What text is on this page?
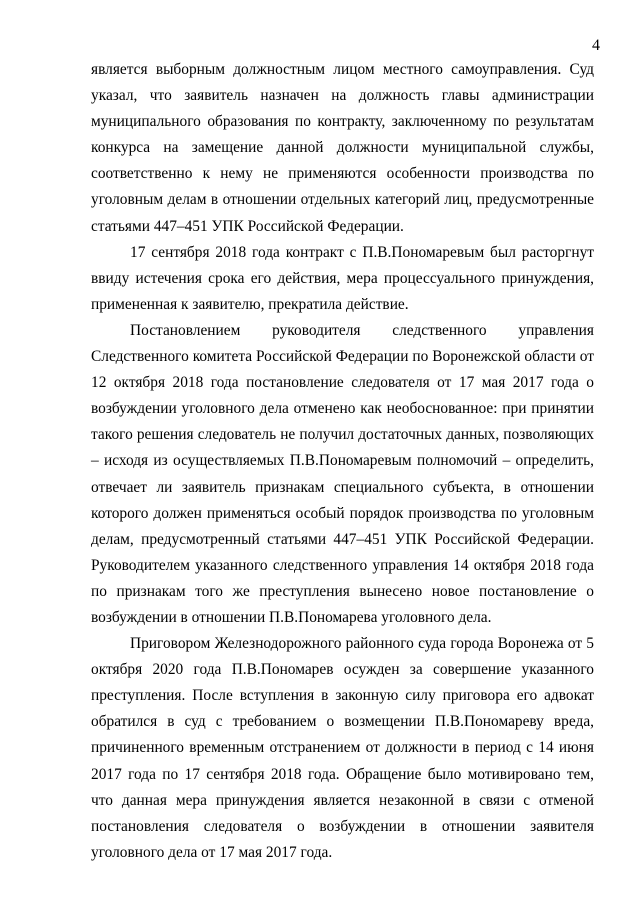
4

является выборным должностным лицом местного самоуправления. Суд указал, что заявитель назначен на должность главы администрации муниципального образования по контракту, заключенному по результатам конкурса на замещение данной должности муниципальной службы, соответственно к нему не применяются особенности производства по уголовным делам в отношении отдельных категорий лиц, предусмотренные статьями 447–451 УПК Российской Федерации.

17 сентября 2018 года контракт с П.В.Пономаревым был расторгнут ввиду истечения срока его действия, мера процессуального принуждения, примененная к заявителю, прекратила действие.

Постановлением руководителя следственного управления Следственного комитета Российской Федерации по Воронежской области от 12 октября 2018 года постановление следователя от 17 мая 2017 года о возбуждении уголовного дела отменено как необоснованное: при принятии такого решения следователь не получил достаточных данных, позволяющих – исходя из осуществляемых П.В.Пономаревым полномочий – определить, отвечает ли заявитель признакам специального субъекта, в отношении которого должен применяться особый порядок производства по уголовным делам, предусмотренный статьями 447–451 УПК Российской Федерации. Руководителем указанного следственного управления 14 октября 2018 года по признакам того же преступления вынесено новое постановление о возбуждении в отношении П.В.Пономарева уголовного дела.

Приговором Железнодорожного районного суда города Воронежа от 5 октября 2020 года П.В.Пономарев осужден за совершение указанного преступления. После вступления в законную силу приговора его адвокат обратился в суд с требованием о возмещении П.В.Пономареву вреда, причиненного временным отстранением от должности в период с 14 июня 2017 года по 17 сентября 2018 года. Обращение было мотивировано тем, что данная мера принуждения является незаконной в связи с отменой постановления следователя о возбуждении в отношении заявителя уголовного дела от 17 мая 2017 года.
